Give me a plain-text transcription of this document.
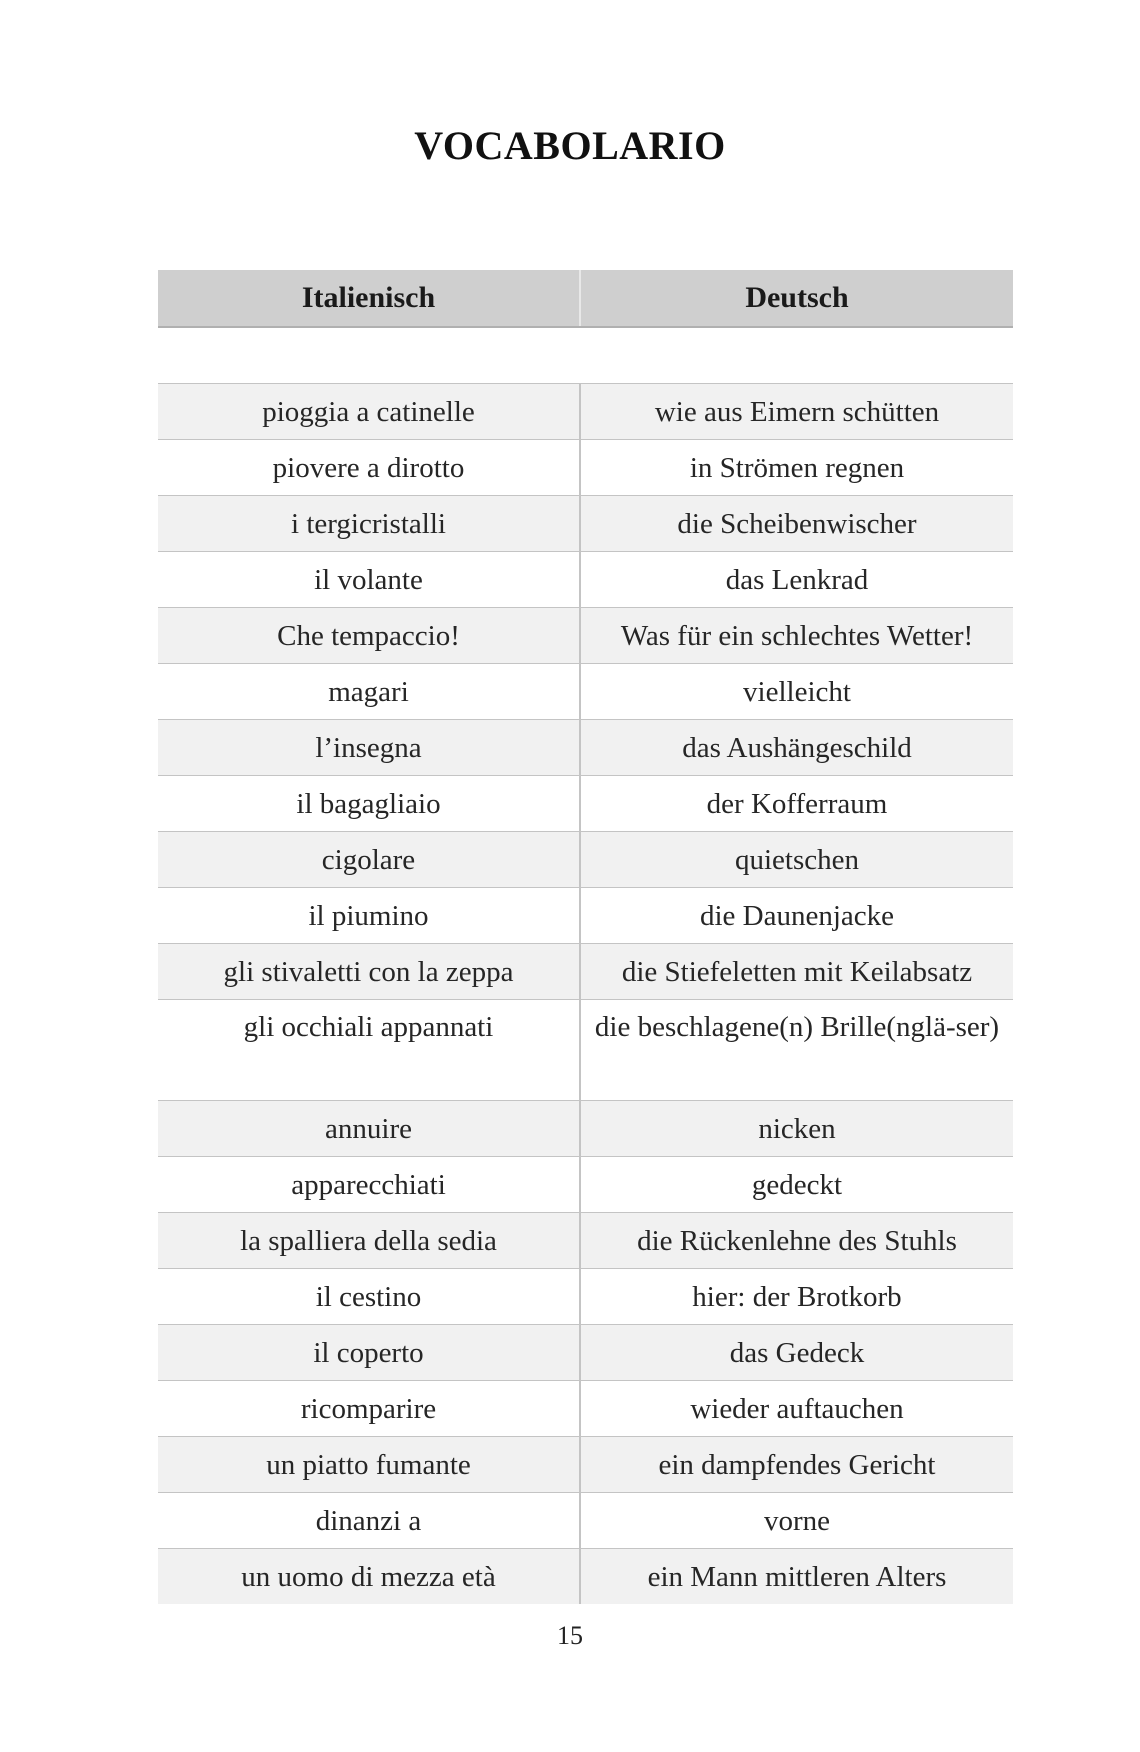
VOCABOLARIO
Italienisch	Deutsch

pioggia a catinelle	wie aus Eimern schütten
piovere a dirotto	in Strömen regnen
i tergicristalli	die Scheibenwischer
il volante	das Lenkrad
Che tempaccio!	Was für ein schlechtes Wetter!
magari	vielleicht
l’insegna	das Aushängeschild
il bagagliaio	der Kofferraum
cigolare	quietschen
il piumino	die Daunenjacke
gli stivaletti con la zeppa	die Stiefeletten mit Keilabsatz
gli occhiali appannati	die beschlagene(n) Brille(nglä-ser)
annuire	nicken
apparecchiati	gedeckt
la spalliera della sedia	die Rückenlehne des Stuhls
il cestino	hier: der Brotkorb
il coperto	das Gedeck
ricomparire	wieder auftauchen
un piatto fumante	ein dampfendes Gericht
dinanzi a	vorne
un uomo di mezza età	ein Mann mittleren Alters
15
